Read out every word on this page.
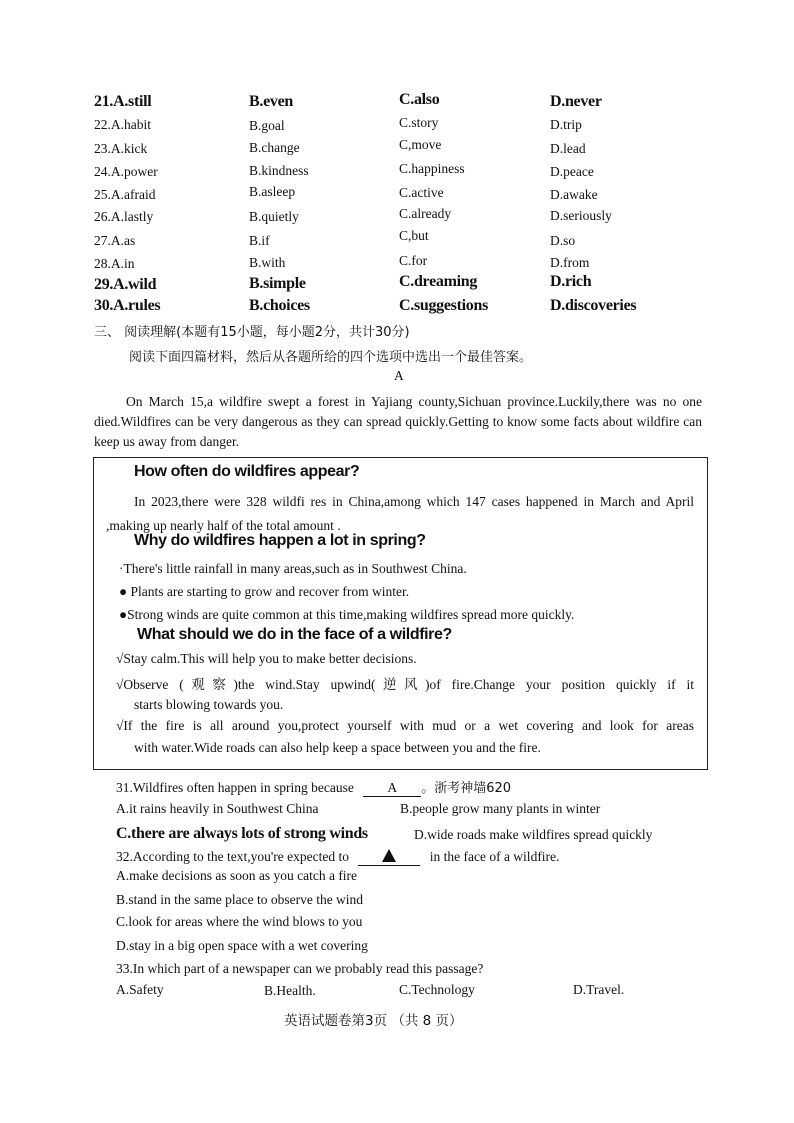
21.A.still	B.even	C.also	D.never
22.A.habit	B.goal	C.story	D.trip
23.A.kick	B.change	C,move	D.lead
24.A.power	B.kindness	C.happiness	D.peace
25.A.afraid	B.asleep	C.active	D.awake
26.A.lastly	B.quietly	C.already	D.seriously
27.A.as	B.if	C,but	D.so
28.A.in	B.with	C.for	D.from
29.A.wild	B.simple	C.dreaming	D.rich
30.A.rules	B.choices	C.suggestions	D.discoveries
三、 阅读理解(本题有15小题，每小题2分，共计30分)
阅读下面四篇材料，然后从各题所给的四个选项中选出一个最佳答案。
A
On March 15,a wildfire swept a forest in Yajiang county,Sichuan province.Luckily,there was no one died.Wildfires can be very dangerous as they can spread quickly.Getting to know some facts about wildfire can keep us away from danger.
How often do wildfires appear?
In 2023,there were 328 wildfi res in China,among which 147 cases happened in March and April ,making up nearly half of the total amount .
Why do wildfires happen a lot in spring?
·There's little rainfall in many areas,such as in Southwest China.
● Plants are starting to grow and recover from winter.
●Strong winds are quite common at this time,making wildfires spread more quickly.
What should we do in the face of a wildfire?
√Stay calm.This will help you to make better decisions.
√Observe (观察)the wind.Stay upwind(逆风)of fire.Change your position quickly if it
starts blowing towards you.
√If the fire is all around you,protect yourself with mud or a wet covering and look for areas
with water.Wide roads can also help keep a space between you and the fire.
31.Wildfires often happen in spring because A 。浙考神墙620
A.it rains heavily in Southwest China	B.people grow many plants in winter
C.there are always lots of strong winds	D.wide roads make wildfires spread quickly
32.According to the text,you're expected to	in the face of a wildfire.
A.make decisions as soon as you catch a fire
B.stand in the same place to observe the wind
C.look for areas where the wind blows to you
D.stay in a big open space with a wet covering
33.In which part of a newspaper can we probably read this passage?
A.Safety	B.Health.	C.Technology	D.Travel.
英语试题卷第3页 （共 8 页）
